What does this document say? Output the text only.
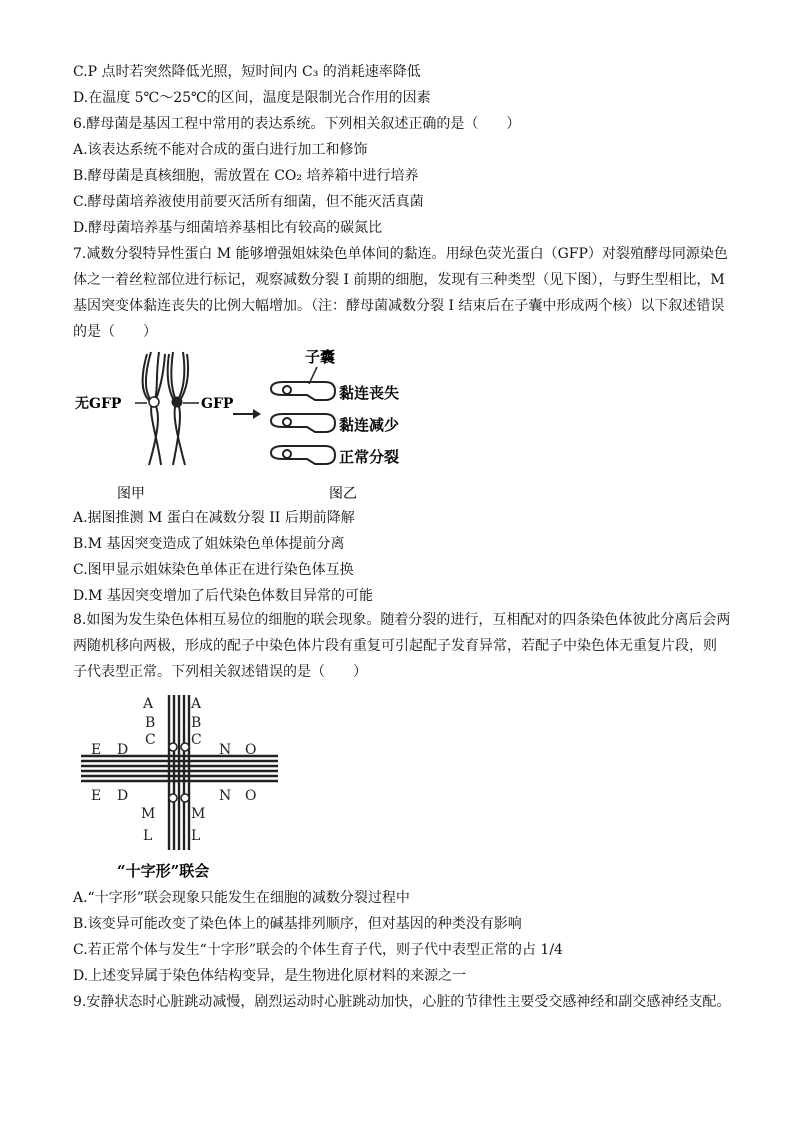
C.P 点时若突然降低光照，短时间内 C₃ 的消耗速率降低
D.在温度 5℃～25℃的区间，温度是限制光合作用的因素
6.酵母菌是基因工程中常用的表达系统。下列相关叙述正确的是（　　）
A.该表达系统不能对合成的蛋白进行加工和修饰
B.酵母菌是真核细胞，需放置在 CO₂ 培养箱中进行培养
C.酵母菌培养液使用前要灭活所有细菌，但不能灭活真菌
D.酵母菌培养基与细菌培养基相比有较高的碳氮比
7.减数分裂特异性蛋白 M 能够增强姐妹染色单体间的黏连。用绿色荧光蛋白（GFP）对裂殖酵母同源染色
体之一着丝粒部位进行标记，观察减数分裂 I 前期的细胞，发现有三种类型（见下图），与野生型相比，M
基因突变体黏连丧失的比例大幅增加。（注：酵母菌减数分裂 I 结束后在子囊中形成两个核）以下叙述错误
的是（　　）
无GFP	GFP
子囊
黏连丧失
黏连减少
正常分裂
图甲	图乙
A.据图推测 M 蛋白在减数分裂 II 后期前降解
B.M 基因突变造成了姐妹染色单体提前分离
C.图甲显示姐妹染色单体正在进行染色体互换
D.M 基因突变增加了后代染色体数目异常的可能
8.如图为发生染色体相互易位的细胞的联会现象。随着分裂的进行，互相配对的四条染色体彼此分离后会两
两随机移向两极，形成的配子中染色体片段有重复可引起配子发育异常，若配子中染色体无重复片段，则
子代表型正常。下列相关叙述错误的是（　　）
A	A
B	B
C	C
E D	N O
E D	N O
M	M
L	L
“十字形”联会
A.“十字形”联会现象只能发生在细胞的减数分裂过程中
B.该变异可能改变了染色体上的碱基排列顺序，但对基因的种类没有影响
C.若正常个体与发生“十字形”联会的个体生育子代，则子代中表型正常的占 1/4
D.上述变异属于染色体结构变异，是生物进化原材料的来源之一
9.安静状态时心脏跳动减慢，剧烈运动时心脏跳动加快，心脏的节律性主要受交感神经和副交感神经支配。
